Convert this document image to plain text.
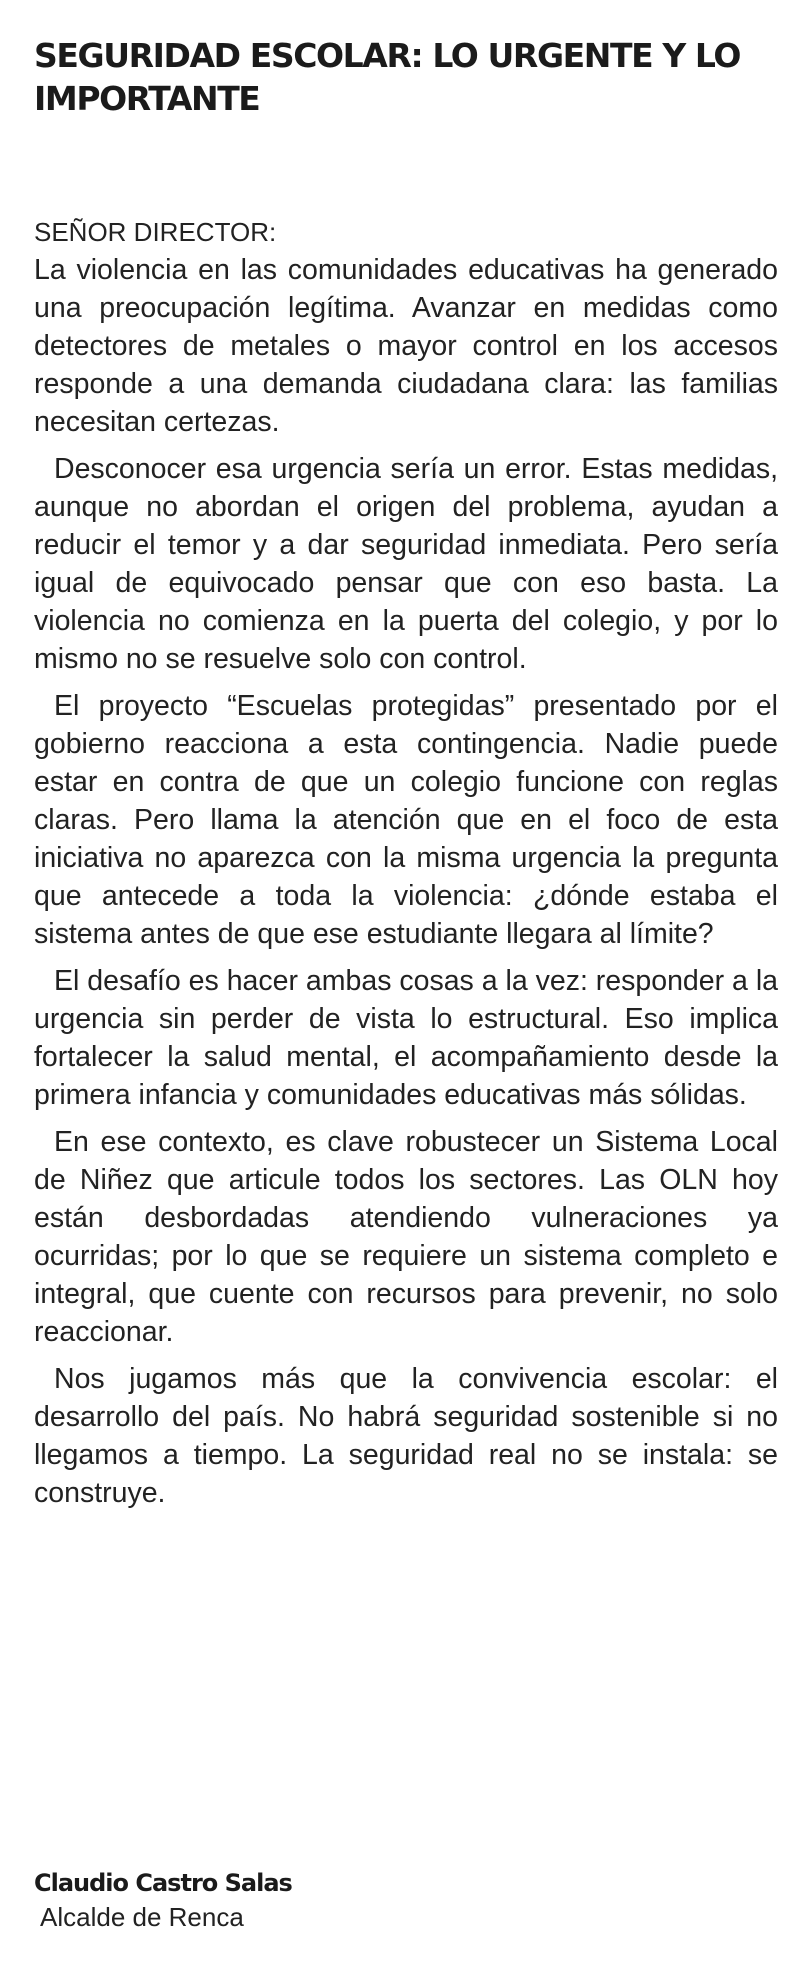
SEGURIDAD ESCOLAR: LO URGENTE Y LO IMPORTANTE
SEÑOR DIRECTOR:

La violencia en las comunidades educativas ha generado una preocupación legítima. Avanzar en medidas como detectores de metales o mayor control en los accesos responde a una demanda ciudadana clara: las familias necesitan certezas.

Desconocer esa urgencia sería un error. Estas medidas, aunque no abordan el origen del problema, ayudan a reducir el temor y a dar seguridad inmediata. Pero sería igual de equivocado pensar que con eso basta. La violencia no comienza en la puerta del colegio, y por lo mismo no se resuelve solo con control.

El proyecto “Escuelas protegidas” presentado por el gobierno reacciona a esta contingencia. Nadie puede estar en contra de que un colegio funcione con reglas claras. Pero llama la atención que en el foco de esta iniciativa no aparezca con la misma urgencia la pregunta que antecede a toda la violencia: ¿dónde estaba el sistema antes de que ese estudiante llegara al límite?

El desafío es hacer ambas cosas a la vez: responder a la urgencia sin perder de vista lo estructural. Eso implica fortalecer la salud mental, el acompañamiento desde la primera infancia y comunidades educativas más sólidas.

En ese contexto, es clave robustecer un Sistema Local de Niñez que articule todos los sectores. Las OLN hoy están desbordadas atendiendo vulneraciones ya ocurridas; por lo que se requiere un sistema completo e integral, que cuente con recursos para prevenir, no solo reaccionar.

Nos jugamos más que la convivencia escolar: el desarrollo del país. No habrá seguridad sostenible si no llegamos a tiempo. La seguridad real no se instala: se construye.

Claudio Castro Salas
Alcalde de Renca
